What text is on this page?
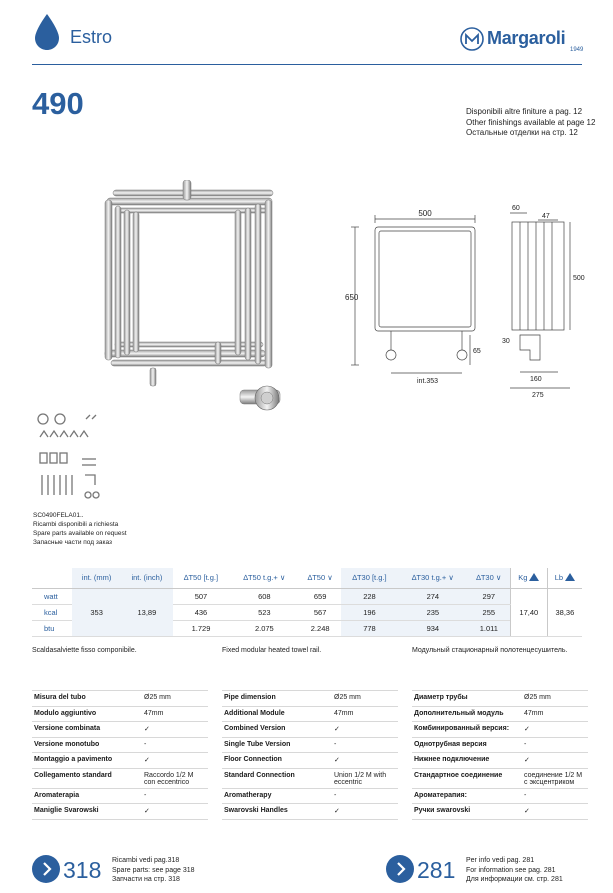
Estro	Margaroli
1949
490	Disponibili altre finiture a pag. 12
Other finishings available at page 12
Остальные отделки на стр. 12
500
650
int.353
65
60
47
500
30
160
275
SC0490FELA01..
Ricambi disponibili a richiesta
Spare parts available on request
Запасные части под заказ
	int. (mm)	int. (inch)	∆T50 [t.g.]	∆T50 t.g.+ ∨	∆T50 ∨	∆T30 [t.g.]	∆T30 t.g.+ ∨	∆T30 ∨	Kg	Lb
watt	353	13,89	507	608	659	228	274	297	17,40	38,36
kcal			436	523	567	196	235	255		
btu			1.729	2.075	2.248	778	934	1.011		
Scaldasalviette fisso componibile.	Fixed modular heated towel rail.	Модульный стационарный полотенцесушитель.
Misura del tubo	Ø25 mm
Modulo aggiuntivo	47mm
Versione combinata	✓
Versione monotubo	-
Montaggio a pavimento	✓
Collegamento standard	Raccordo 1/2 M con eccentrico
Aromaterapia	-
Maniglie Svarowski	✓
Pipe dimension	Ø25 mm
Additional Module	47mm
Combined Version	✓
Single Tube Version	-
Floor Connection	✓
Standard Connection	Union 1/2 M with eccentric
Aromatherapy	-
Swarovski Handles	✓
Диаметр трубы	Ø25 mm
Дополнительный модуль	47mm
Комбинированный версия:	✓
Однотрубная версия	-
Нижнее подключение	✓
Стандартное соединение	соединение 1/2 M с эксцентриком
Ароматерапия:	-
Ручки swarovski	✓
318 Ricambi vedi pag.318
Spare parts: see page 318
Запчасти на стр. 318	281 Per info vedi pag. 281
For information see pag. 281
Для информации см. стр. 281
